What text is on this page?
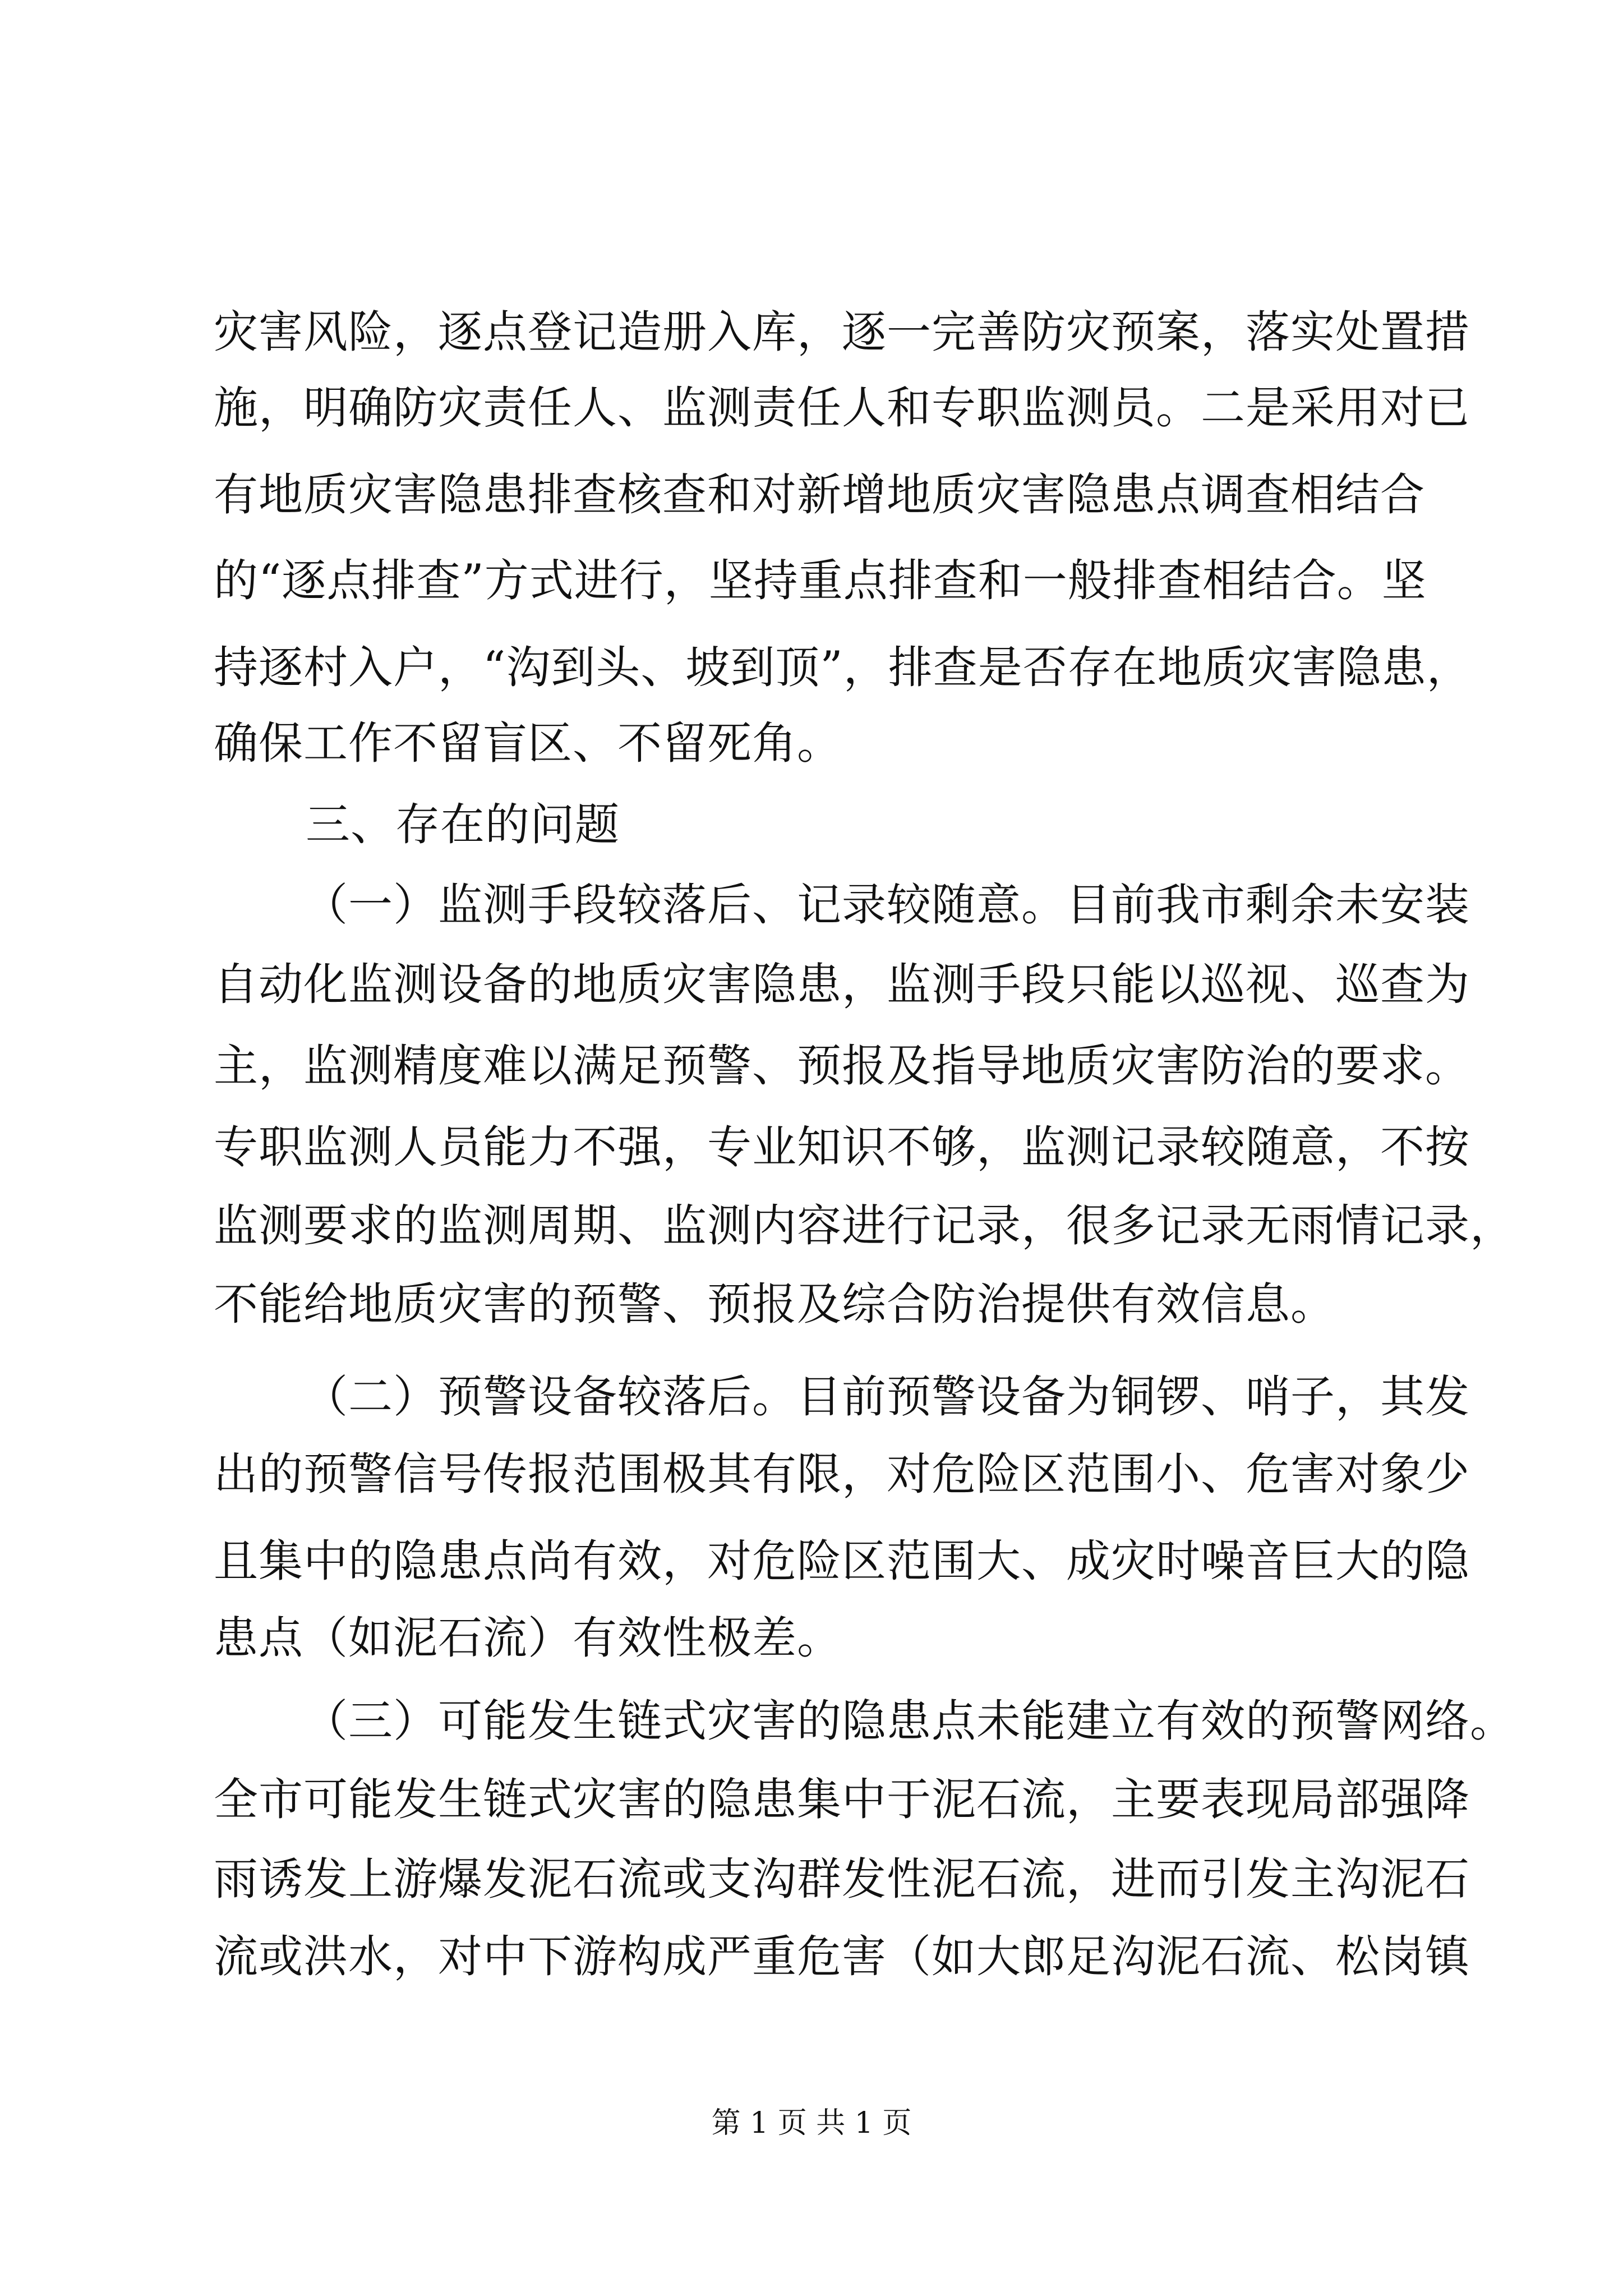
灾害风险，逐点登记造册入库，逐一完善防灾预案，落实处置措
施，明确防灾责任人、监测责任人和专职监测员。二是采用对已
有地质灾害隐患排查核查和对新增地质灾害隐患点调查相结合
的“逐点排查”方式进行，坚持重点排查和一般排查相结合。坚
持逐村入户，“沟到头、坡到顶”，排查是否存在地质灾害隐患，
确保工作不留盲区、不留死角。
三、存在的问题
（一）监测手段较落后、记录较随意。目前我市剩余未安装
自动化监测设备的地质灾害隐患，监测手段只能以巡视、巡查为
主，监测精度难以满足预警、预报及指导地质灾害防治的要求。
专职监测人员能力不强，专业知识不够，监测记录较随意，不按
监测要求的监测周期、监测内容进行记录，很多记录无雨情记录，
不能给地质灾害的预警、预报及综合防治提供有效信息。
（二）预警设备较落后。目前预警设备为铜锣、哨子，其发
出的预警信号传报范围极其有限，对危险区范围小、危害对象少
且集中的隐患点尚有效，对危险区范围大、成灾时噪音巨大的隐
患点（如泥石流）有效性极差。
（三）可能发生链式灾害的隐患点未能建立有效的预警网络。
全市可能发生链式灾害的隐患集中于泥石流，主要表现局部强降
雨诱发上游爆发泥石流或支沟群发性泥石流，进而引发主沟泥石
流或洪水，对中下游构成严重危害（如大郎足沟泥石流、松岗镇
第 1 页 共 1 页
